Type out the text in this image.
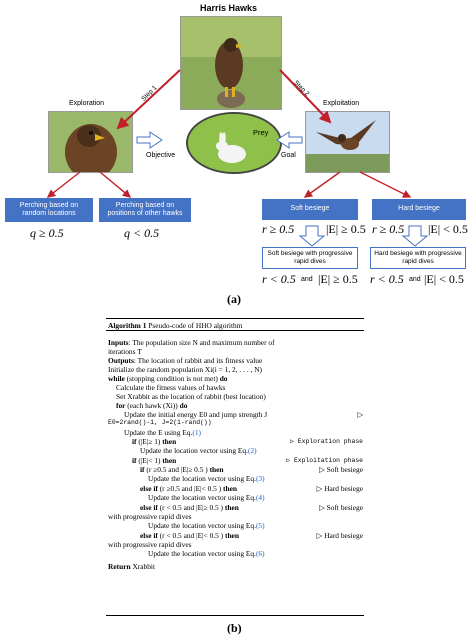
Harris Hawks
Exploration	Exploitation
Prey
Step 1	Step 2
Objective	Goal
Perching based on random locations
Perching based on positions of other hawks
q ≥ 0.5	q < 0.5
Soft besiege	Hard besiege
r ≥ 0.5	|E| ≥ 0.5 r ≥ 0.5 |E| < 0.5
Soft besiege with progressive rapid dives
Hard besiege with progressive rapid dives
r < 0.5 and |E| ≥ 0.5 r < 0.5 and |E| < 0.5
(a)
Algorithm 1 Pseudo-code of HHO algorithm
Inputs: The population size N and maximum number of
iterations T
Outputs: The location of rabbit and its fitness value
Initialize the random population Xi(i = 1, 2, . . . , N)
while (stopping condition is not met) do
Calculate the fitness values of hawks
Set Xrabbit as the location of rabbit (best location)
for (each hawk (Xi)) do
Update the initial energy E0 and jump strength J	▷
E0=2rand()-1, J=2(1-rand())
Update the E using Eq.(1)
if (|E|≥ 1) then	▷ Exploration phase
Update the location vector using Eq.(2)
if (|E|< 1) then	▷ Exploitation phase
if (r ≥0.5 and |E|≥ 0.5 ) then	▷ Soft besiege
Update the location vector using Eq.(3)
else if (r ≥0.5 and |E|< 0.5 ) then	▷ Hard besiege
Update the location vector using Eq.(4)
else if (r < 0.5 and |E|≥ 0.5 ) then	▷ Soft besiege
with progressive rapid dives
Update the location vector using Eq.(5)
else if (r < 0.5 and |E|< 0.5 ) then	▷ Hard besiege
with progressive rapid dives
Update the location vector using Eq.(6)
Return Xrabbit
(b)
